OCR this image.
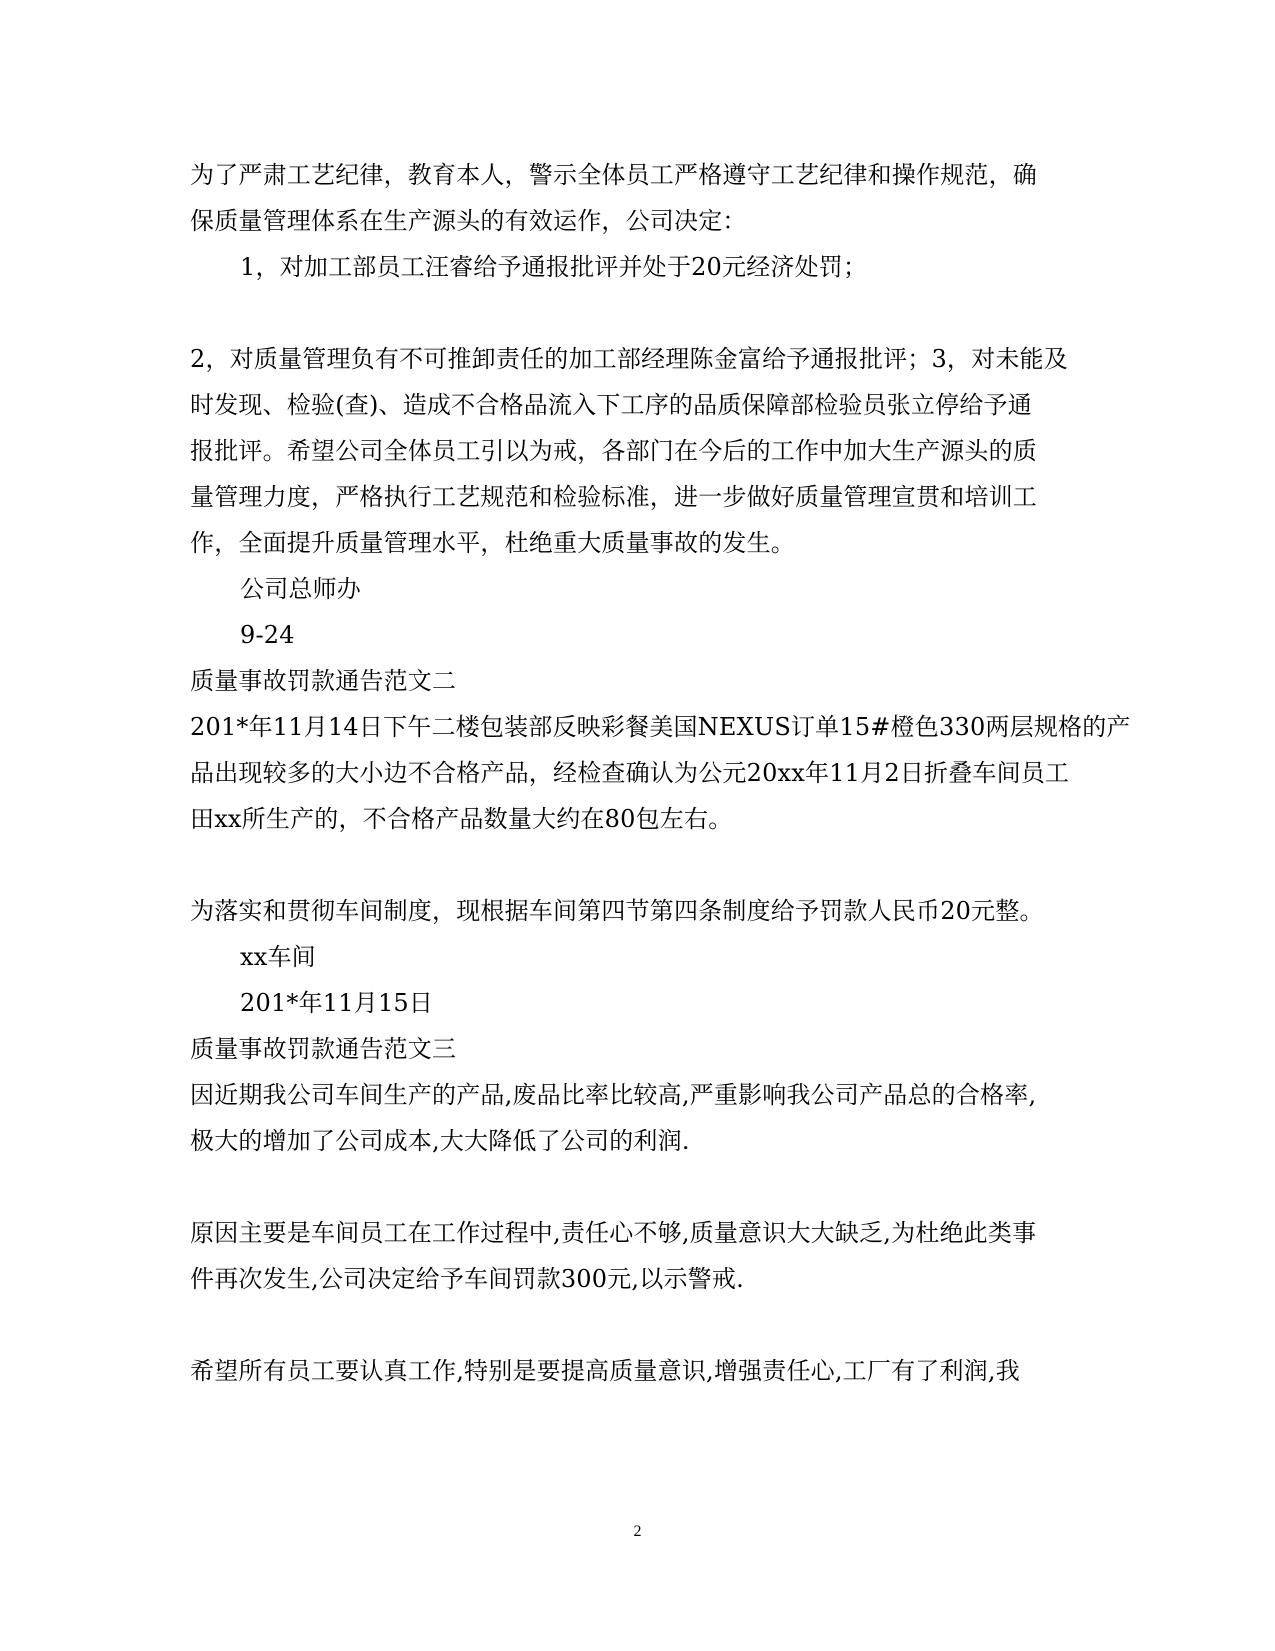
为了严肃工艺纪律，教育本人，警示全体员工严格遵守工艺纪律和操作规范，确
保质量管理体系在生产源头的有效运作，公司决定：
1，对加工部员工汪睿给予通报批评并处于20元经济处罚；
2，对质量管理负有不可推卸责任的加工部经理陈金富给予通报批评；3，对未能及
时发现、检验(查)、造成不合格品流入下工序的品质保障部检验员张立停给予通
报批评。希望公司全体员工引以为戒，各部门在今后的工作中加大生产源头的质
量管理力度，严格执行工艺规范和检验标准，进一步做好质量管理宣贯和培训工
作，全面提升质量管理水平，杜绝重大质量事故的发生。
公司总师办
9-24
质量事故罚款通告范文二
201*年11月14日下午二楼包装部反映彩餐美国NEXUS订单15#橙色330两层规格的产
品出现较多的大小边不合格产品，经检查确认为公元20xx年11月2日折叠车间员工
田xx所生产的，不合格产品数量大约在80包左右。
为落实和贯彻车间制度，现根据车间第四节第四条制度给予罚款人民币20元整。
xx车间
201*年11月15日
质量事故罚款通告范文三
因近期我公司车间生产的产品,废品比率比较高,严重影响我公司产品总的合格率,
极大的增加了公司成本,大大降低了公司的利润.
原因主要是车间员工在工作过程中,责任心不够,质量意识大大缺乏,为杜绝此类事
件再次发生,公司决定给予车间罚款300元,以示警戒.
希望所有员工要认真工作,特别是要提高质量意识,增强责任心,工厂有了利润,我
2
